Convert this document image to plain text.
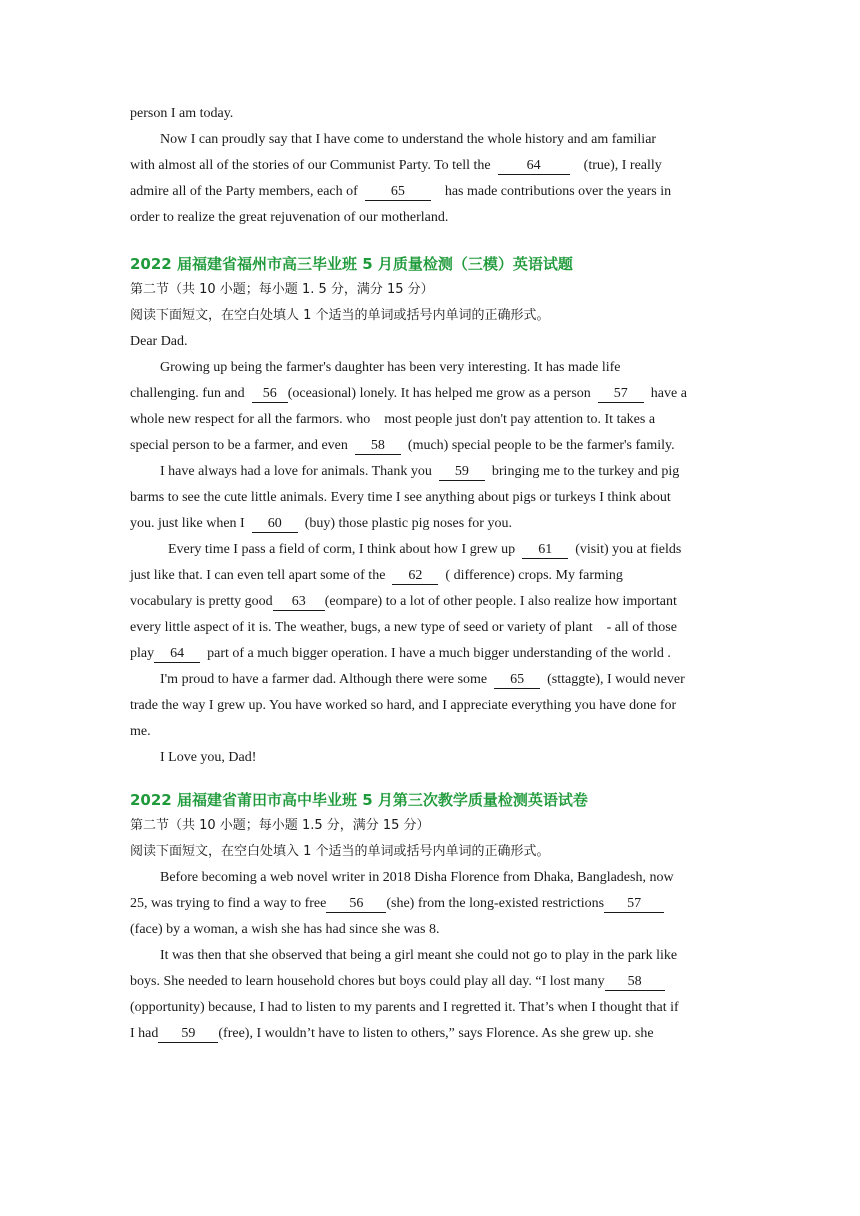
person I am today.
Now I can proudly say that I have come to understand the whole history and am familiar
with almost all of the stories of our Communist Party. To tell the  64    (true), I really
admire all of the Party members, each of  65    has made contributions over the years in
order to realize the great rejuvenation of our motherland.
2022 届福建省福州市高三毕业班 5 月质量检测（三模）英语试题
第二节（共 10 小题；每小题 1. 5 分，满分 15 分）
阅读下面短文，在空白处填人 1 个适当的单词或括号内单词的正确形式。
Dear Dad.
Growing up being the farmer's daughter has been very interesting. It has made life
challenging. fun and  56 (oceasional) lonely. It has helped me grow as a person  57  have a
whole new respect for all the farmors. who    most people just don't pay attention to. It takes a
special person to be a farmer, and even  58  (much) special people to be the farmer's family.
I have always had a love for animals. Thank you  59  bringing me to the turkey and pig
barms to see the cute little animals. Every time I see anything about pigs or turkeys I think about
you. just like when I  60  (buy) those plastic pig noses for you.
Every time I pass a field of corm, I think about how I grew up  61  (visit) you at fields
just like that. I can even tell apart some of the  62  ( difference) crops. My farming
vocabulary is pretty good 63 (eompare) to a lot of other people. I also realize how important
every little aspect of it is. The weather, bugs, a new type of seed or variety of plant    - all of those
play 64  part of a much bigger operation. I have a much bigger understanding of the world .
I'm proud to have a farmer dad. Although there were some  65  (sttaggte), I would never
trade the way I grew up. You have worked so hard, and I appreciate everything you have done for
me.
I Love you, Dad!
2022 届福建省莆田市高中毕业班 5 月第三次教学质量检测英语试卷
第二节（共 10 小题；每小题 1.5 分，满分 15 分）
阅读下面短文，在空白处填入 1 个适当的单词或括号内单词的正确形式。
Before becoming a web novel writer in 2018 Disha Florence from Dhaka, Bangladesh, now
25, was trying to find a way to free 56 (she) from the long-existed restrictions 57
(face) by a woman, a wish she has had since she was 8.
It was then that she observed that being a girl meant she could not go to play in the park like
boys. She needed to learn household chores but boys could play all day. “I lost many 58
(opportunity) because, I had to listen to my parents and I regretted it. That’s when I thought that if
I had 59 (free), I wouldn’t have to listen to others,” says Florence. As she grew up. she
